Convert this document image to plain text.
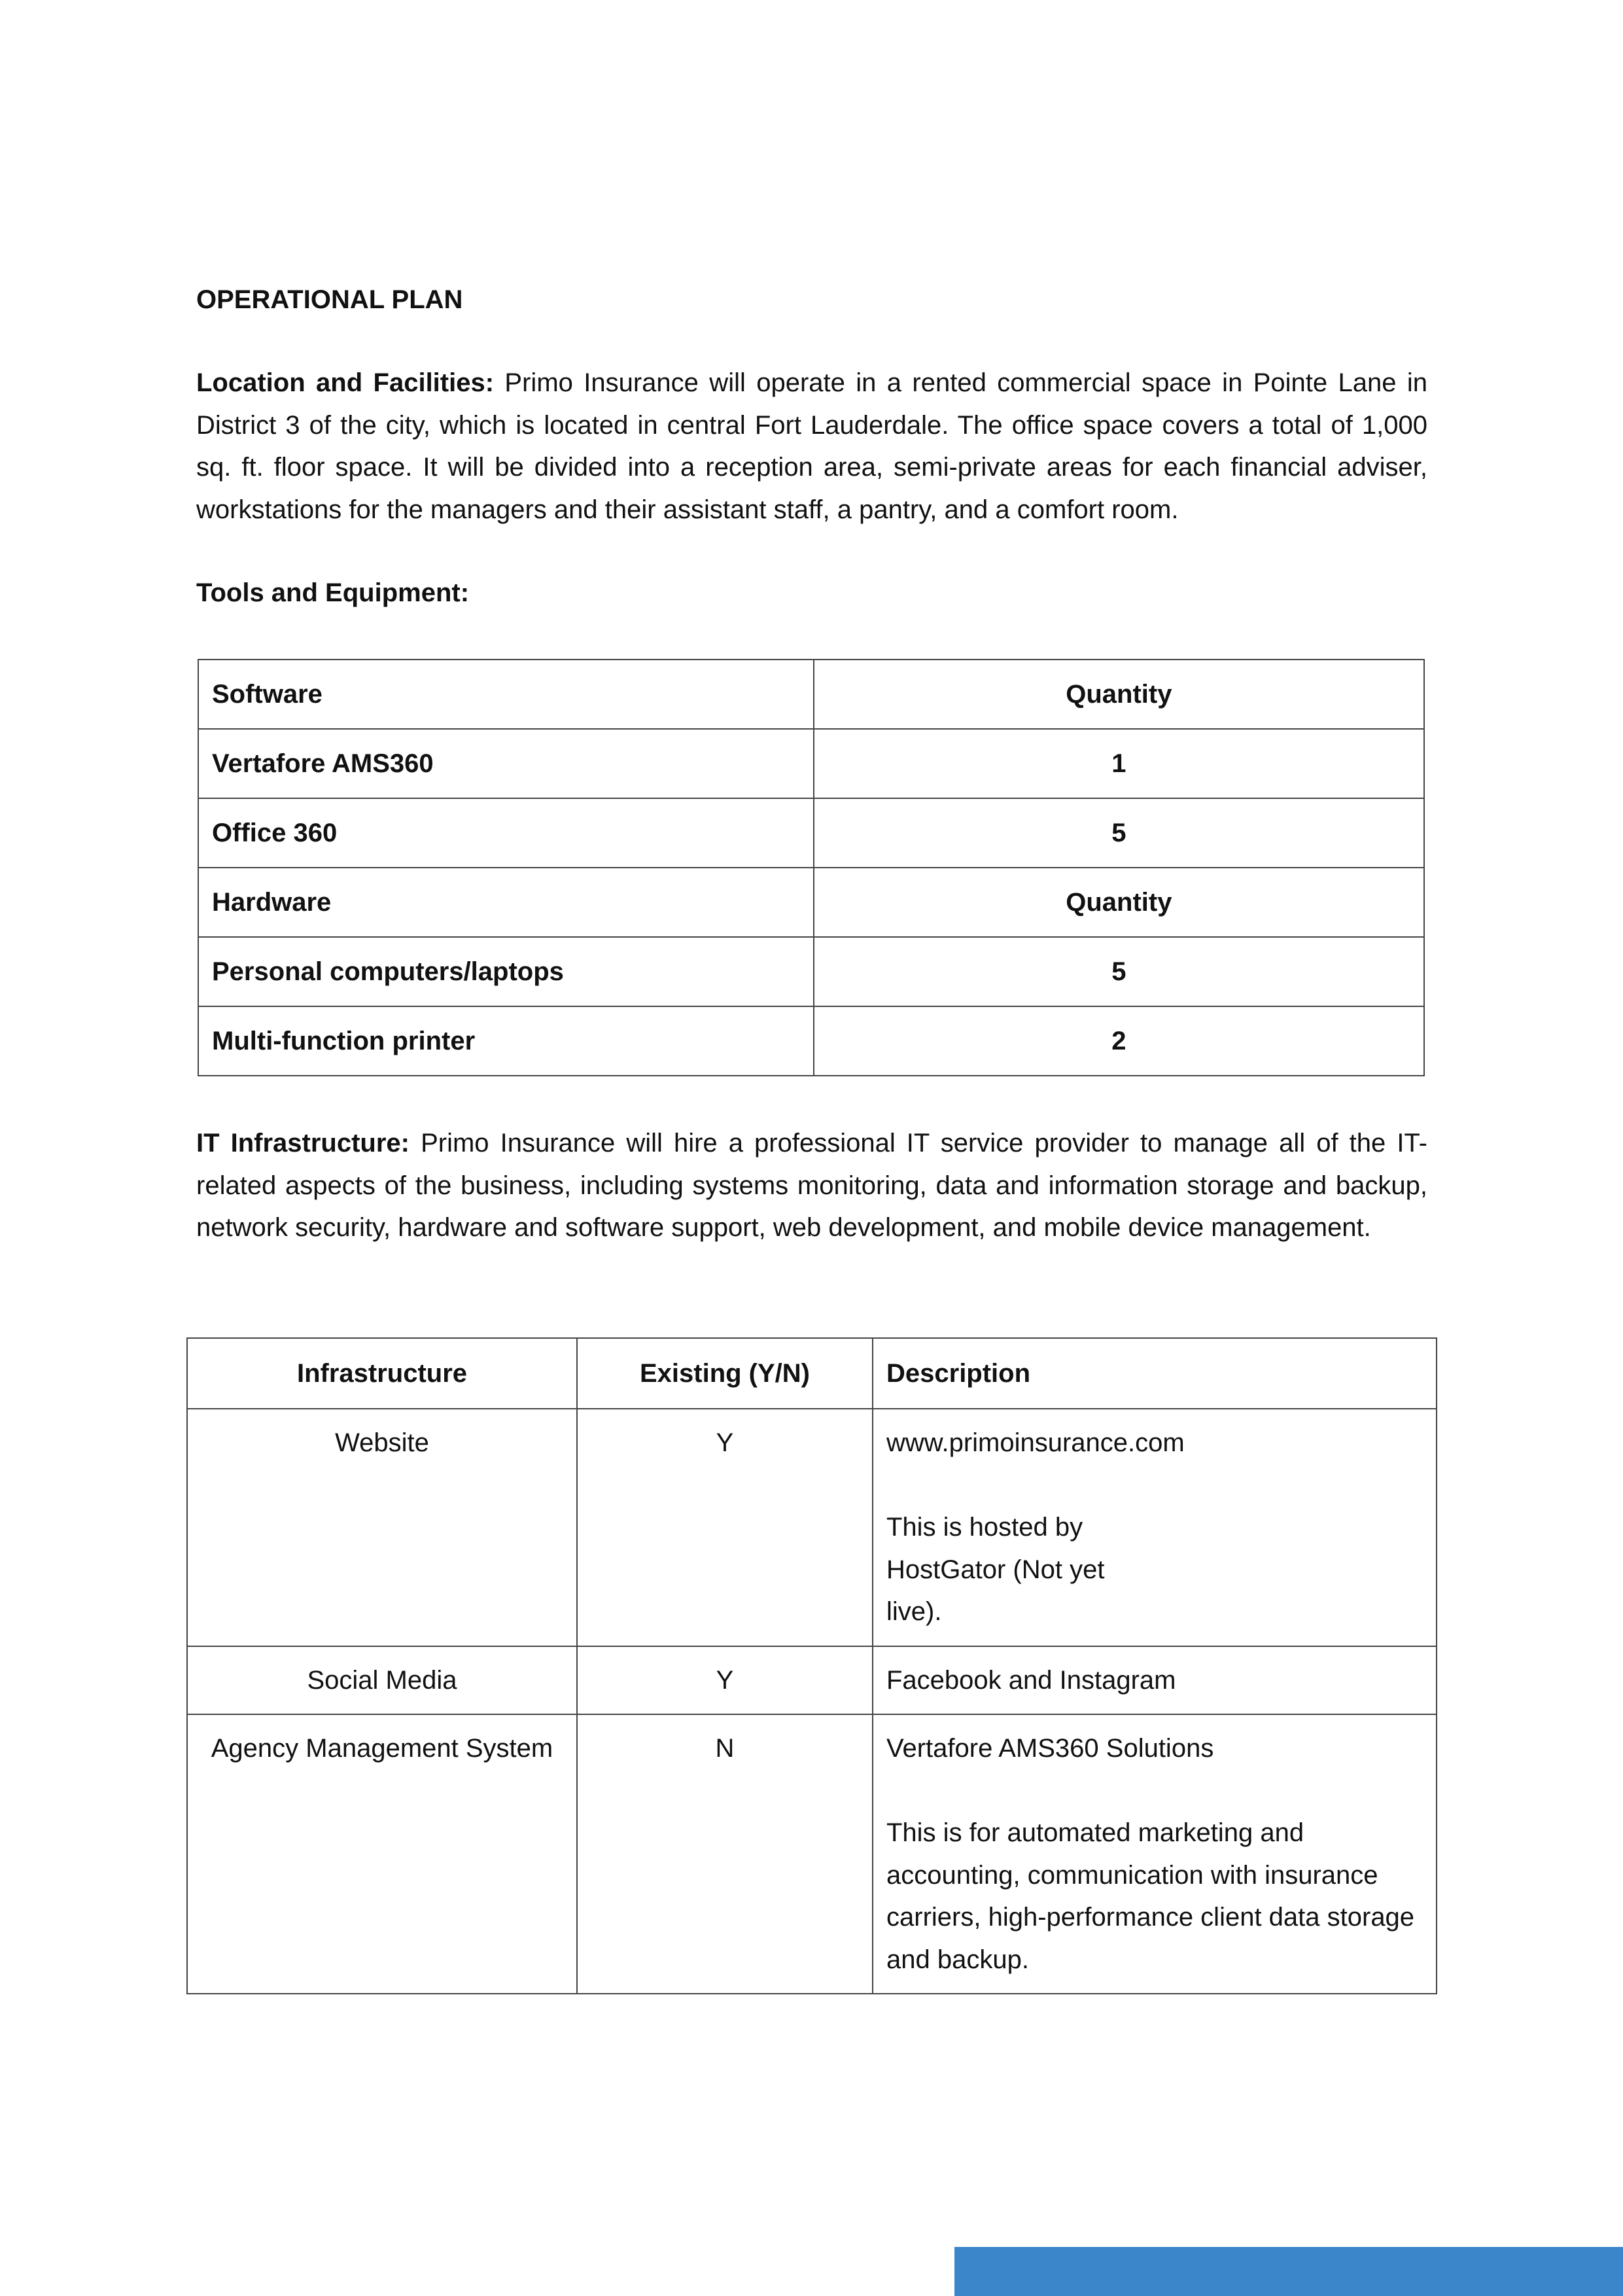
OPERATIONAL PLAN
Location and Facilities: Primo Insurance will operate in a rented commercial space in Pointe Lane in District 3 of the city, which is located in central Fort Lauderdale. The office space covers a total of 1,000 sq. ft. floor space. It will be divided into a reception area, semi-private areas for each financial adviser, workstations for the managers and their assistant staff, a pantry, and a comfort room.
Tools and Equipment:
Software	Quantity
Vertafore AMS360	1
Office 360	5
Hardware	Quantity
Personal computers/laptops	5
Multi-function printer	2
IT Infrastructure: Primo Insurance will hire a professional IT service provider to manage all of the IT-related aspects of the business, including systems monitoring, data and information storage and backup, network security, hardware and software support, web development, and mobile device management.
Infrastructure	Existing (Y/N)	Description
Website	Y	www.primoinsurance.com

This is hosted by HostGator (Not yet live).

Social Media	Y	Facebook and Instagram

Agency Management System	N	Vertafore AMS360 Solutions

This is for automated marketing and accounting, communication with insurance carriers, high-performance client data storage and backup.
